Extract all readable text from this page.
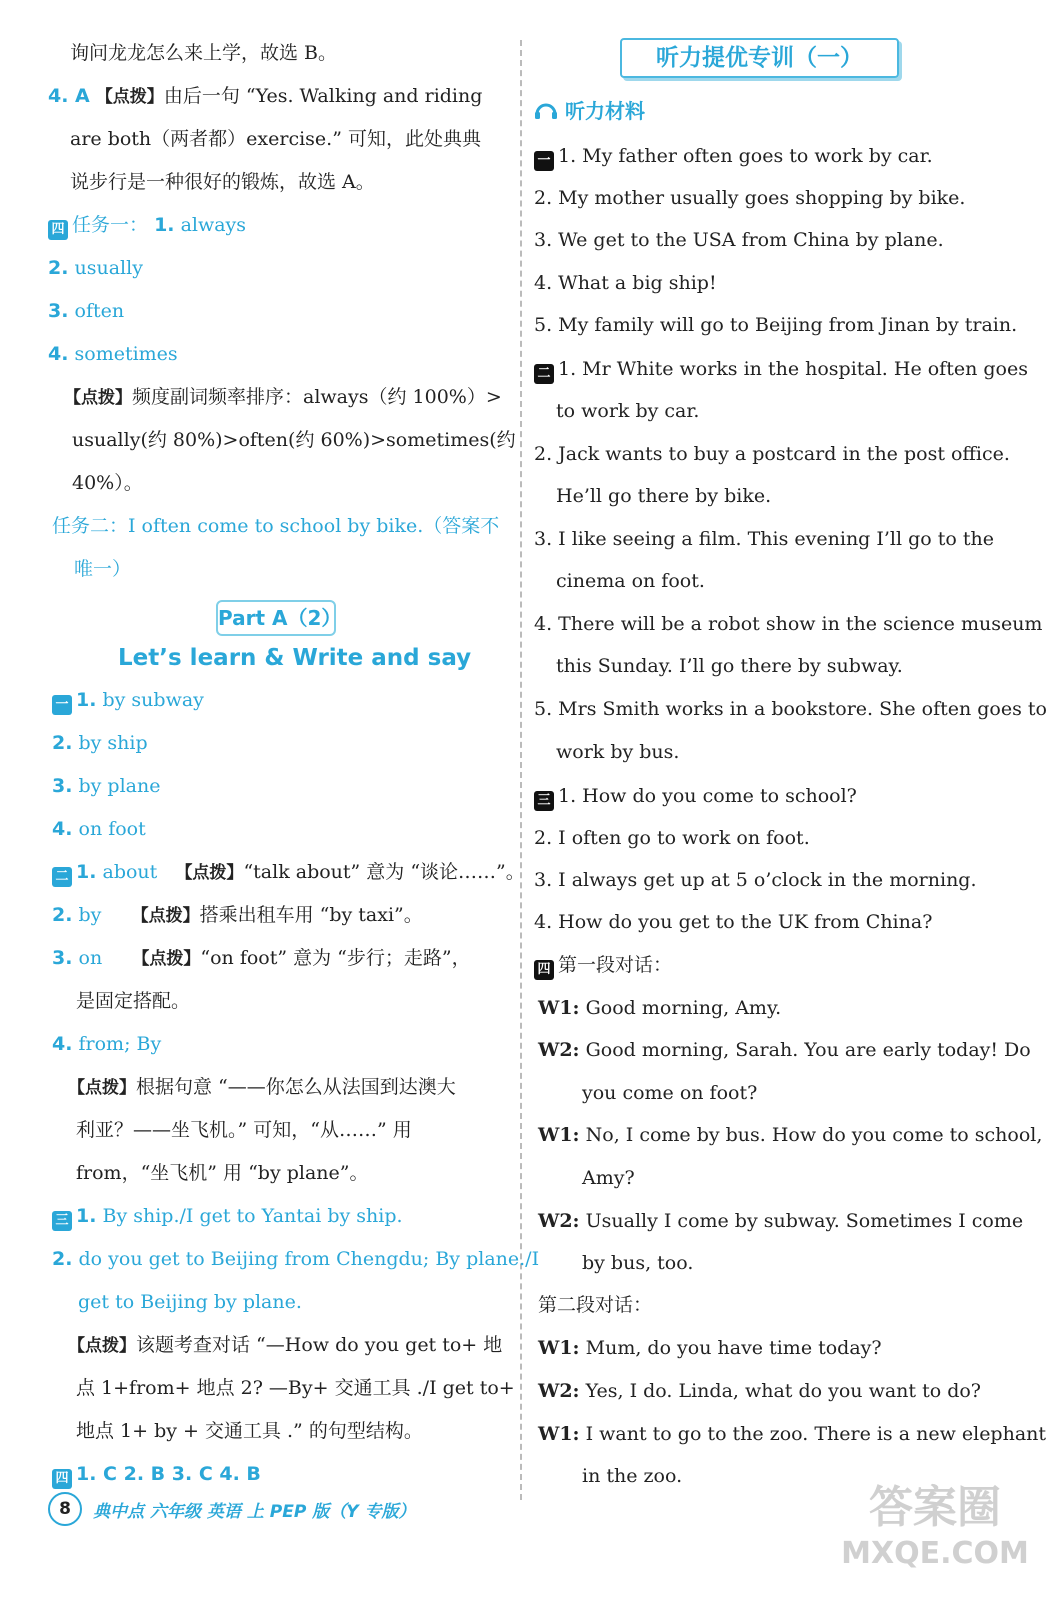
询问龙龙怎么来上学，故选 B。
4. A 【点拨】由后一句 “Yes. Walking and riding
are both（两者都）exercise.” 可知，此处典典
说步行是一种很好的锻炼，故选 A。
四 任务一： 1. always
2. usually
3. often
4. sometimes
【点拨】频度副词频率排序：always（约 100%）>
usually(约 80%)>often(约 60%)>sometimes(约
40%）。
任务二：I often come to school by bike.（答案不
唯一）
Part A（2）
Let’s learn & Write and say
一 1. by subway
2. by ship
3. by plane
4. on foot
二 1. about 【点拨】“talk about” 意为 “谈论……”。
2. by 【点拨】搭乘出租车用 “by taxi”。
3. on 【点拨】“on foot” 意为 “步行；走路”，
是固定搭配。
4. from; By
【点拨】根据句意 “——你怎么从法国到达澳大
利亚？——坐飞机。” 可知，“从……” 用
from，“坐飞机” 用 “by plane”。
三 1. By ship./I get to Yantai by ship.
2. do you get to Beijing from Chengdu; By plane./I
get to Beijing by plane.
【点拨】该题考查对话 “—How do you get to+ 地
点 1+from+ 地点 2? —By+ 交通工具 ./I get to+
地点 1+ by + 交通工具 .” 的句型结构。
四 1. C 2. B 3. C 4. B
听力提优专训（一）
听力材料
一 1. My father often goes to work by car.
2. My mother usually goes shopping by bike.
3. We get to the USA from China by plane.
4. What a big ship!
5. My family will go to Beijing from Jinan by train.
二 1. Mr White works in the hospital. He often goes
to work by car.
2. Jack wants to buy a postcard in the post office.
He’ll go there by bike.
3. I like seeing a film. This evening I’ll go to the
cinema on foot.
4. There will be a robot show in the science museum
this Sunday. I’ll go there by subway.
5. Mrs Smith works in a bookstore. She often goes to
work by bus.
三 1. How do you come to school?
2. I often go to work on foot.
3. I always get up at 5 o’clock in the morning.
4. How do you get to the UK from China?
四 第一段对话：
W1: Good morning, Amy.
W2: Good morning, Sarah. You are early today! Do
you come on foot?
W1: No, I come by bus. How do you come to school,
Amy?
W2: Usually I come by subway. Sometimes I come
by bus, too.
第二段对话：
W1: Mum, do you have time today?
W2: Yes, I do. Linda, what do you want to do?
W1: I want to go to the zoo. There is a new elephant
in the zoo.
8 典中点 六年级 英语 上 PEP 版（Y 专版）	答案圈
MXQE.COM
